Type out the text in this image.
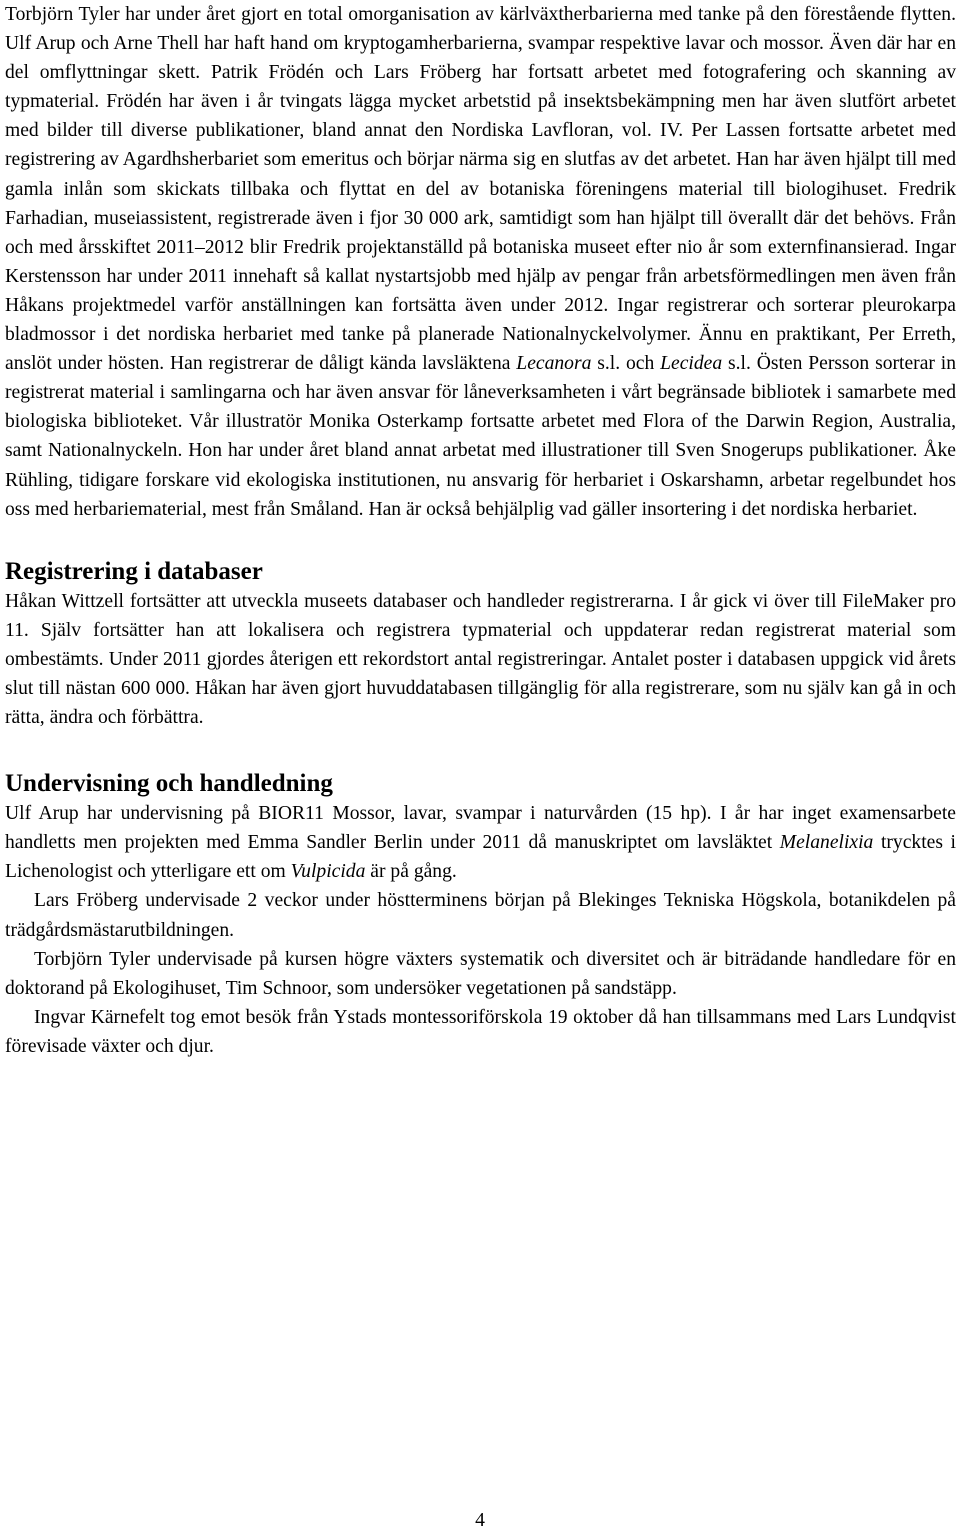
Torbjörn Tyler har under året gjort en total omorganisation av kärlväxtherbarierna med tanke på den förestående flytten. Ulf Arup och Arne Thell har haft hand om kryptogamherbarierna, svampar respektive lavar och mossor. Även där har en del omflyttningar skett. Patrik Frödén och Lars Fröberg har fortsatt arbetet med fotografering och skanning av typmaterial. Frödén har även i år tvingats lägga mycket arbetstid på insektsbekämpning men har även slutfört arbetet med bilder till diverse publikationer, bland annat den Nordiska Lavfloran, vol. IV. Per Lassen fortsatte arbetet med registrering av Agardhsherbariet som emeritus och börjar närma sig en slutfas av det arbetet. Han har även hjälpt till med gamla inlån som skickats tillbaka och flyttat en del av botaniska föreningens material till biologihuset. Fredrik Farhadian, museiassistent, registrerade även i fjor 30 000 ark, samtidigt som han hjälpt till överallt där det behövs. Från och med årsskiftet 2011–2012 blir Fredrik projektanställd på botaniska museet efter nio år som externfinansierad. Ingar Kerstensson har under 2011 innehaft så kallat nystartsjobb med hjälp av pengar från arbetsförmedlingen men även från Håkans projektmedel varför anställningen kan fortsätta även under 2012. Ingar registrerar och sorterar pleurokarpa bladmossor i det nordiska herbariet med tanke på planerade Nationalnyckelvolymer. Ännu en praktikant, Per Erreth, anslöt under hösten. Han registrerar de dåligt kända lavsläktena Lecanora s.l. och Lecidea s.l. Östen Persson sorterar in registrerat material i samlingarna och har även ansvar för låneverksamheten i vårt begränsade bibliotek i samarbete med biologiska biblioteket. Vår illustratör Monika Osterkamp fortsatte arbetet med Flora of the Darwin Region, Australia, samt Nationalnyckeln. Hon har under året bland annat arbetat med illustrationer till Sven Snogerups publikationer. Åke Rühling, tidigare forskare vid ekologiska institutionen, nu ansvarig för herbariet i Oskarshamn, arbetar regelbundet hos oss med herbariematerial, mest från Småland. Han är också behjälplig vad gäller insortering i det nordiska herbariet.

Registrering i databaser

Håkan Wittzell fortsätter att utveckla museets databaser och handleder registrerarna. I år gick vi över till FileMaker pro 11. Själv fortsätter han att lokalisera och registrera typmaterial och uppdaterar redan registrerat material som ombestämts. Under 2011 gjordes återigen ett rekordstort antal registreringar. Antalet poster i databasen uppgick vid årets slut till nästan 600 000. Håkan har även gjort huvuddatabasen tillgänglig för alla registrerare, som nu själv kan gå in och rätta, ändra och förbättra.

Undervisning och handledning

Ulf Arup har undervisning på BIOR11 Mossor, lavar, svampar i naturvården (15 hp). I år har inget examensarbete handletts men projekten med Emma Sandler Berlin under 2011 då manuskriptet om lavsläktet Melanelixia trycktes i Lichenologist och ytterligare ett om Vulpicida är på gång.

Lars Fröberg undervisade 2 veckor under höstterminens början på Blekinges Tekniska Högskola, botanikdelen på trädgårdsmästarutbildningen.

Torbjörn Tyler undervisade på kursen högre växters systematik och diversitet och är biträdande handledare för en doktorand på Ekologihuset, Tim Schnoor, som undersöker vegetationen på sandstäpp.

Ingvar Kärnefelt tog emot besök från Ystads montessoriförskola 19 oktober då han tillsammans med Lars Lundqvist förevisade växter och djur.

4
